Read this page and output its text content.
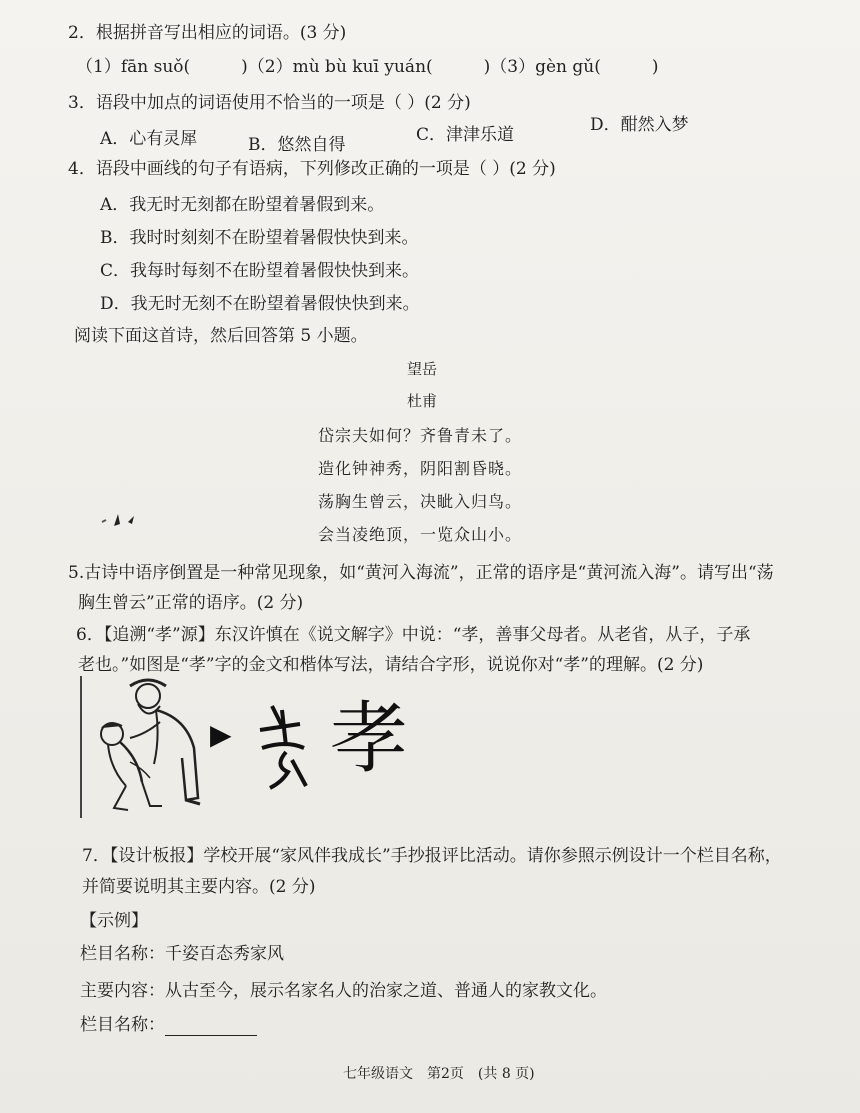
2．根据拼音写出相应的词语。(3 分)
（1）fān suǒ(　　　)（2）mù bù kuī yuán(　　　)（3）gèn gǔ(　　　)
3．语段中加点的词语使用不恰当的一项是（ ）(2 分)
A．心有灵犀	B．悠然自得	C．津津乐道	D．酣然入梦
4．语段中画线的句子有语病，下列修改正确的一项是（ ）(2 分)
A．我无时无刻都在盼望着暑假到来。
B．我时时刻刻不在盼望着暑假快快到来。
C．我每时每刻不在盼望着暑假快快到来。
D．我无时无刻不在盼望着暑假快快到来。
阅读下面这首诗，然后回答第 5 小题。
望岳
杜甫
岱宗夫如何？齐鲁青未了。
造化钟神秀，阴阳割昏晓。
荡胸生曾云，决眦入归鸟。
会当凌绝顶，一览众山小。
5.古诗中语序倒置是一种常见现象，如“黄河入海流”，正常的语序是“黄河流入海”。请写出“荡
胸生曾云”正常的语序。(2 分)
6．【追溯“孝”源】东汉许慎在《说文解字》中说：“孝，善事父母者。从老省，从子，子承
老也。”如图是“孝”字的金文和楷体写法，请结合字形，说说你对“孝”的理解。(2 分)
▶ 孝
7．【设计板报】学校开展“家风伴我成长”手抄报评比活动。请你参照示例设计一个栏目名称，
并简要说明其主要内容。(2 分)
【示例】
栏目名称：千姿百态秀家风
主要内容：从古至今，展示名家名人的治家之道、普通人的家教文化。
栏目名称：
七年级语文　第2页　(共 8 页)
